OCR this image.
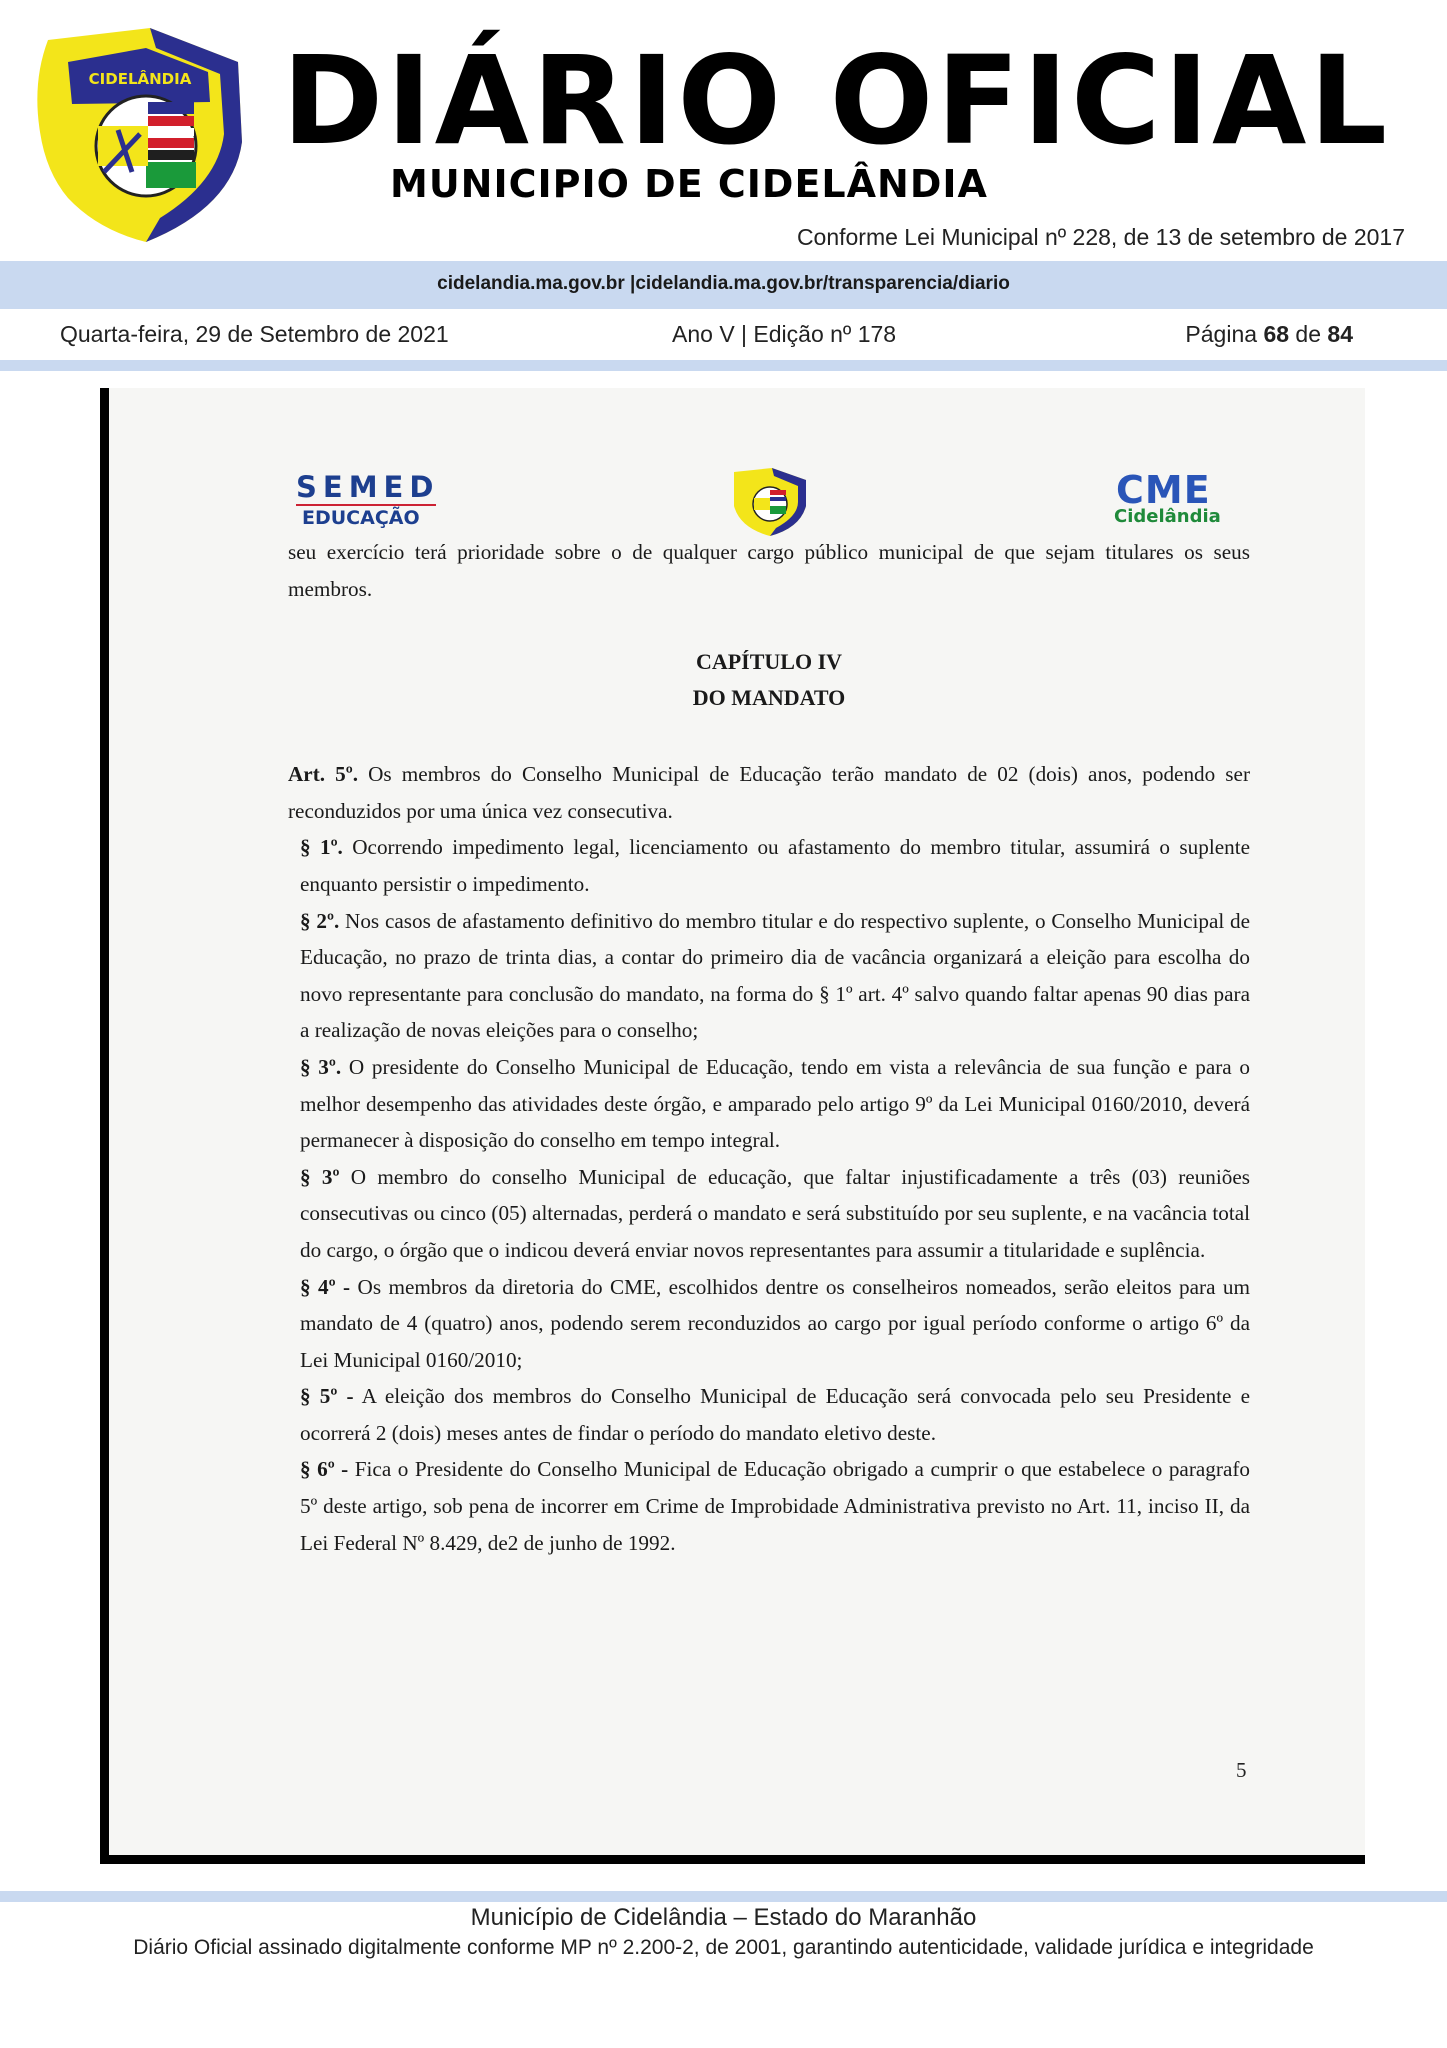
CIDELÂNDIA DIÁRIO OFICIAL
MUNICIPIO DE CIDELÂNDIA
Conforme Lei Municipal nº 228, de 13 de setembro de 2017
cidelandia.ma.gov.br |cidelandia.ma.gov.br/transparencia/diario
Quarta-feira, 29 de Setembro de 2021	Ano V | Edição nº 178	Página 68 de 84
SEMED
EDUCAÇÃO
CME
Cidelândia

seu exercício terá prioridade sobre o de qualquer cargo público municipal de que sejam titulares os seus membros.

CAPÍTULO IV

DO MANDATO

Art. 5º. Os membros do Conselho Municipal de Educação terão mandato de 02 (dois) anos, podendo ser reconduzidos por uma única vez consecutiva.

§ 1º. Ocorrendo impedimento legal, licenciamento ou afastamento do membro titular, assumirá o suplente enquanto persistir o impedimento.

§ 2º. Nos casos de afastamento definitivo do membro titular e do respectivo suplente, o Conselho Municipal de Educação, no prazo de trinta dias, a contar do primeiro dia de vacância organizará a eleição para escolha do novo representante para conclusão do mandato, na forma do § 1º art. 4º salvo quando faltar apenas 90 dias para a realização de novas eleições para o conselho;

§ 3º. O presidente do Conselho Municipal de Educação, tendo em vista a relevância de sua função e para o melhor desempenho das atividades deste órgão, e amparado pelo artigo 9º da Lei Municipal 0160/2010, deverá permanecer à disposição do conselho em tempo integral.

§ 3º O membro do conselho Municipal de educação, que faltar injustificadamente a três (03) reuniões consecutivas ou cinco (05) alternadas, perderá o mandato e será substituído por seu suplente, e na vacância total do cargo, o órgão que o indicou deverá enviar novos representantes para assumir a titularidade e suplência.

§ 4º - Os membros da diretoria do CME, escolhidos dentre os conselheiros nomeados, serão eleitos para um mandato de 4 (quatro) anos, podendo serem reconduzidos ao cargo por igual período conforme o artigo 6º da Lei Municipal 0160/2010;

§ 5º - A eleição dos membros do Conselho Municipal de Educação será convocada pelo seu Presidente e ocorrerá 2 (dois) meses antes de findar o período do mandato eletivo deste.

§ 6º - Fica o Presidente do Conselho Municipal de Educação obrigado a cumprir o que estabelece o paragrafo 5º deste artigo, sob pena de incorrer em Crime de Improbidade Administrativa previsto no Art. 11, inciso II, da Lei Federal Nº 8.429, de2 de junho de 1992.

5
Município de Cidelândia – Estado do Maranhão
Diário Oficial assinado digitalmente conforme MP nº 2.200-2, de 2001, garantindo autenticidade, validade jurídica e integridade
